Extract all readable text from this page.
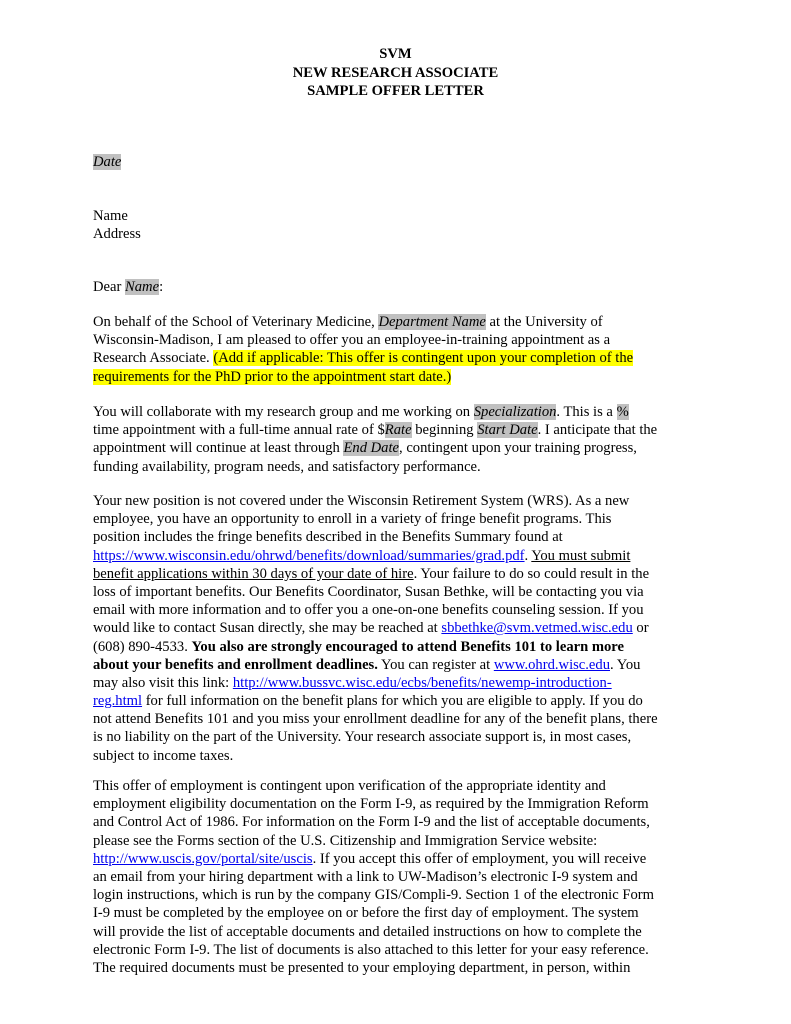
SVM
NEW RESEARCH ASSOCIATE
SAMPLE OFFER LETTER
Date
Name
Address
Dear Name:
On behalf of the School of Veterinary Medicine, Department Name at the University of
Wisconsin-Madison, I am pleased to offer you an employee-in-training appointment as a
Research Associate. (Add if applicable: This offer is contingent upon your completion of the
requirements for the PhD prior to the appointment start date.)
You will collaborate with my research group and me working on Specialization. This is a %
time appointment with a full-time annual rate of $Rate beginning Start Date. I anticipate that the
appointment will continue at least through End Date, contingent upon your training progress,
funding availability, program needs, and satisfactory performance.
Your new position is not covered under the Wisconsin Retirement System (WRS). As a new
employee, you have an opportunity to enroll in a variety of fringe benefit programs. This
position includes the fringe benefits described in the Benefits Summary found at
https://www.wisconsin.edu/ohrwd/benefits/download/summaries/grad.pdf. You must submit
benefit applications within 30 days of your date of hire. Your failure to do so could result in the
loss of important benefits. Our Benefits Coordinator, Susan Bethke, will be contacting you via
email with more information and to offer you a one-on-one benefits counseling session. If you
would like to contact Susan directly, she may be reached at sbbethke@svm.vetmed.wisc.edu or
(608) 890-4533. You also are strongly encouraged to attend Benefits 101 to learn more
about your benefits and enrollment deadlines. You can register at www.ohrd.wisc.edu. You
may also visit this link: http://www.bussvc.wisc.edu/ecbs/benefits/newemp-introduction-
reg.html for full information on the benefit plans for which you are eligible to apply. If you do
not attend Benefits 101 and you miss your enrollment deadline for any of the benefit plans, there
is no liability on the part of the University. Your research associate support is, in most cases,
subject to income taxes.
This offer of employment is contingent upon verification of the appropriate identity and
employment eligibility documentation on the Form I-9, as required by the Immigration Reform
and Control Act of 1986. For information on the Form I-9 and the list of acceptable documents,
please see the Forms section of the U.S. Citizenship and Immigration Service website:
http://www.uscis.gov/portal/site/uscis. If you accept this offer of employment, you will receive
an email from your hiring department with a link to UW-Madison’s electronic I-9 system and
login instructions, which is run by the company GIS/Compli-9. Section 1 of the electronic Form
I-9 must be completed by the employee on or before the first day of employment. The system
will provide the list of acceptable documents and detailed instructions on how to complete the
electronic Form I-9. The list of documents is also attached to this letter for your easy reference.
The required documents must be presented to your employing department, in person, within
